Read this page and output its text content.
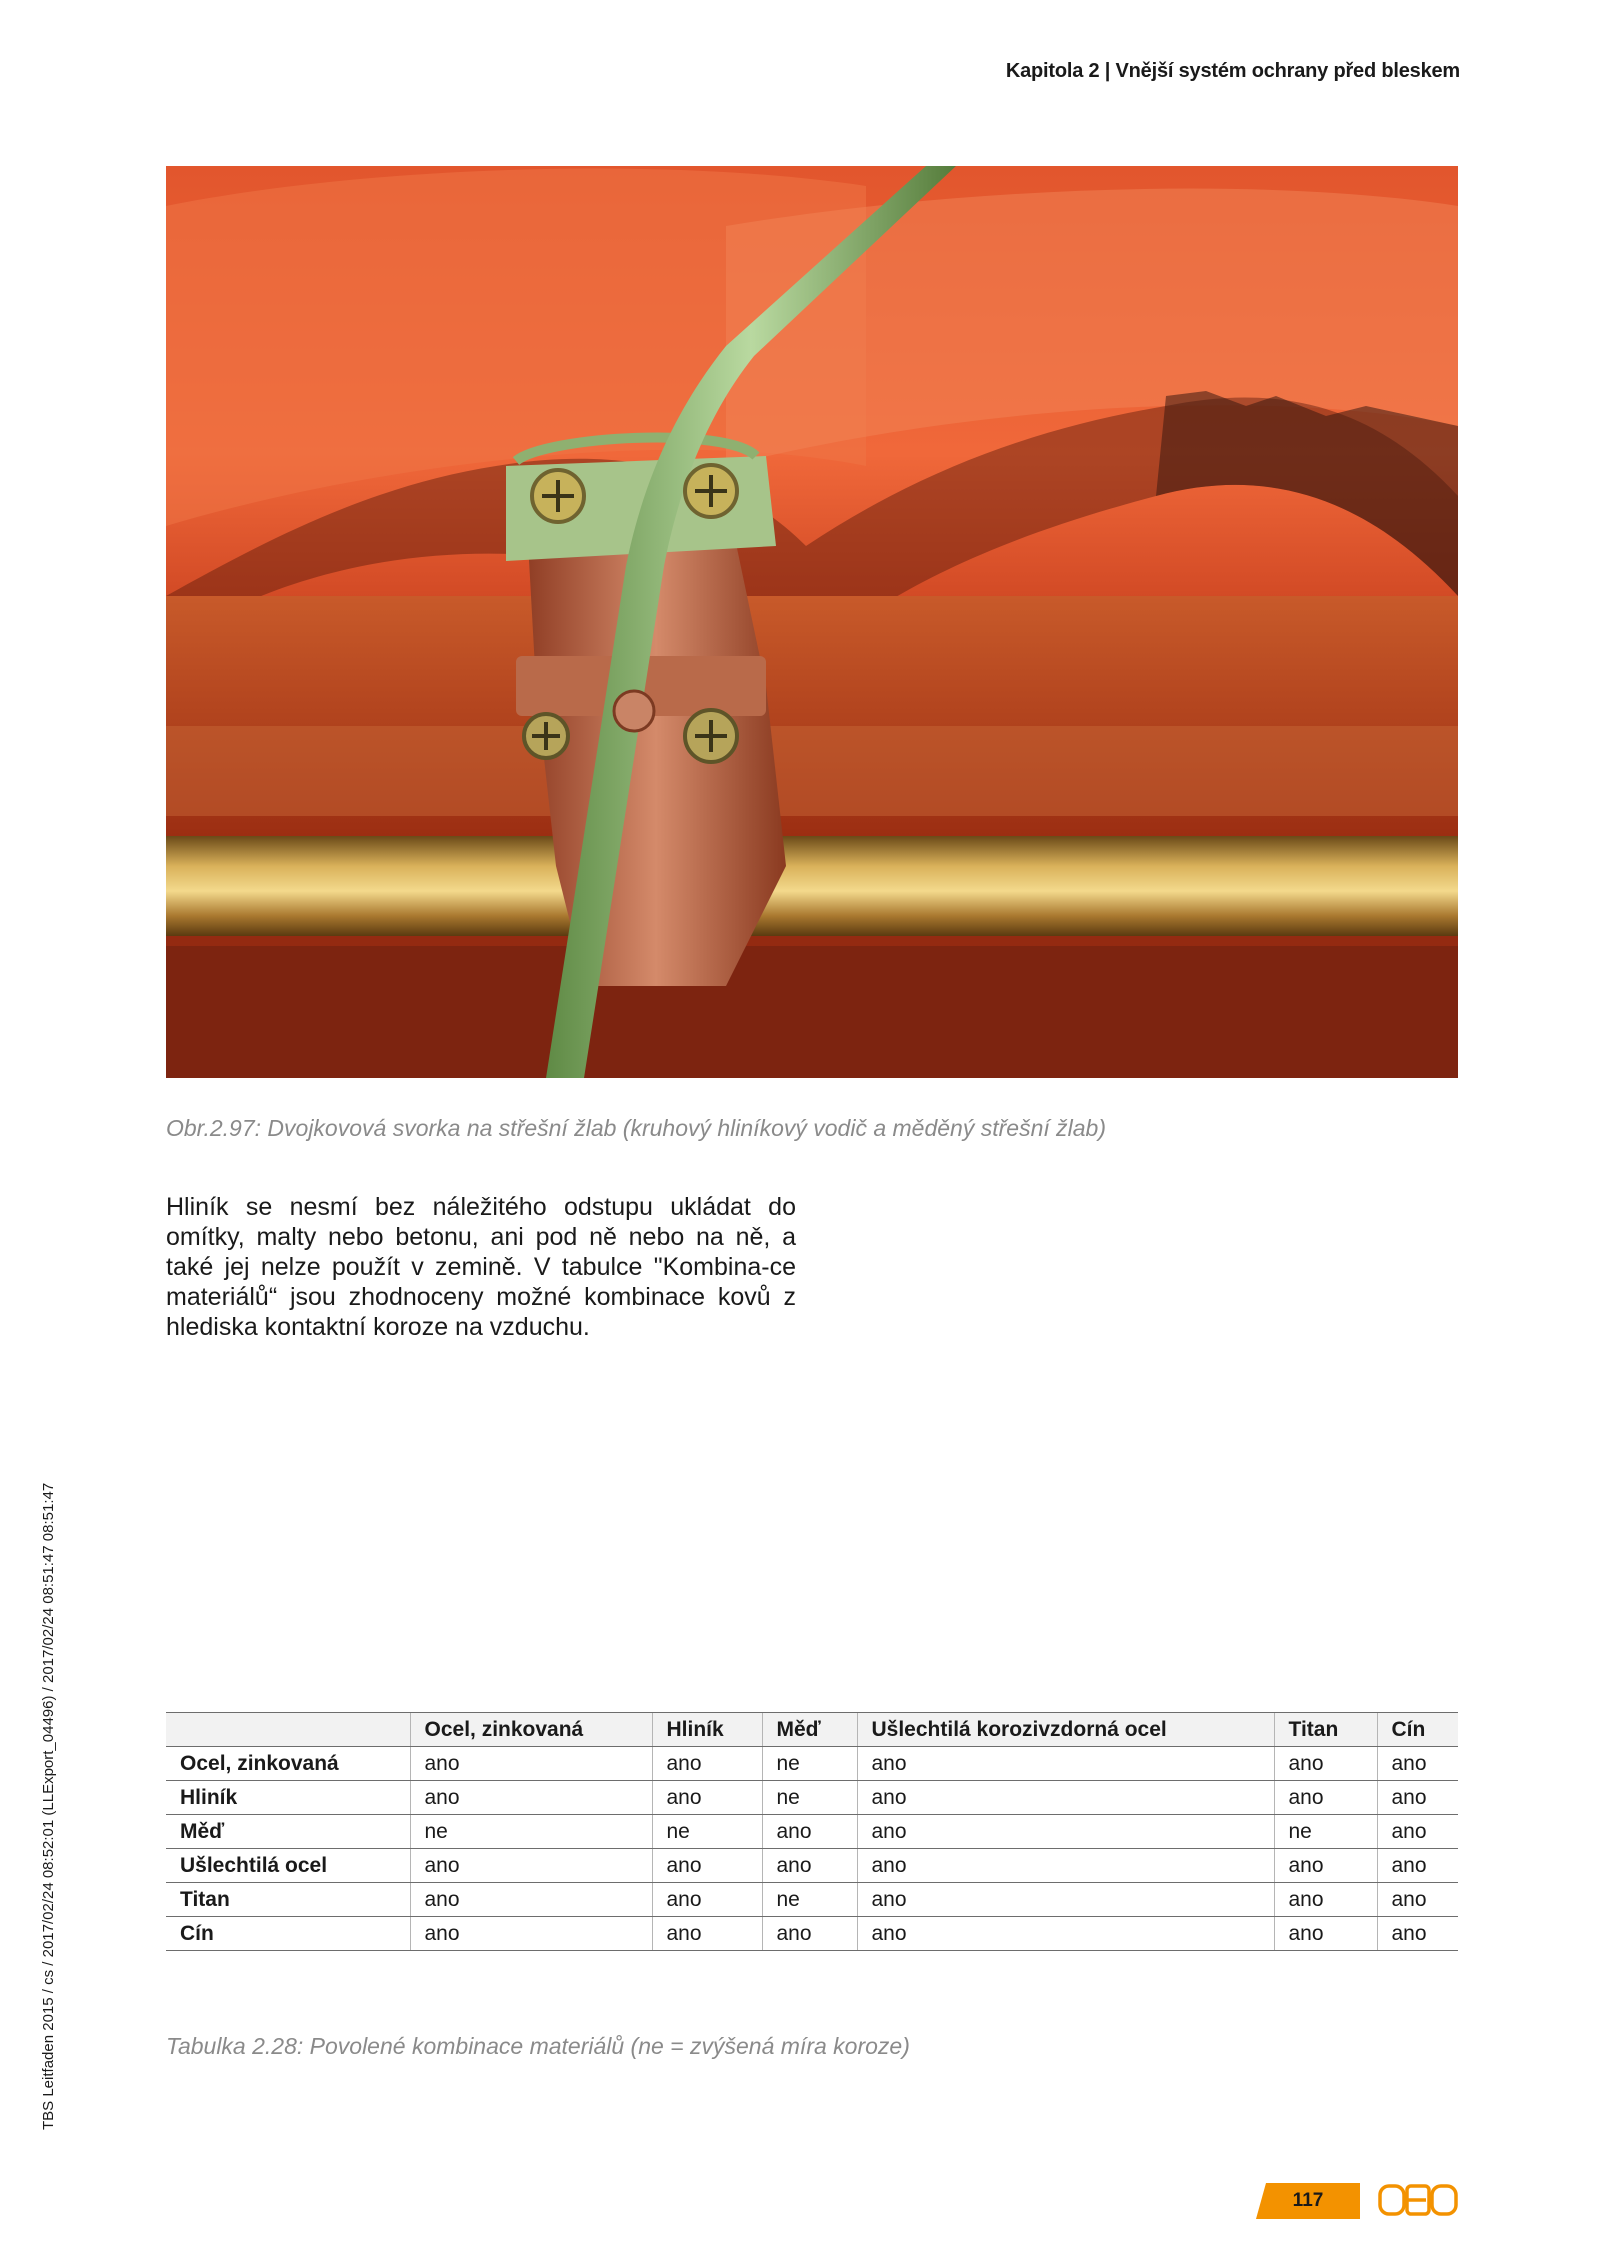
Kapitola 2 | Vnější systém ochrany před bleskem
Obr.2.97: Dvojkovová svorka na střešní žlab (kruhový hliníkový vodič a měděný střešní žlab)
Hliník se nesmí bez náležitého odstupu ukládat do omítky, malty nebo betonu, ani pod ně nebo na ně, a také jej nelze použít v zemině. V tabulce "Kombina-ce materiálů“ jsou zhodnoceny možné kombinace kovů z hlediska kontaktní koroze na vzduchu.
TBS Leitfaden 2015 / cs / 2017/02/24 08:52:01 (LLExport_04496) / 2017/02/24 08:51:47 08:51:47
		Ocel, zinkovaná	Hliník	Měď	Ušlechtilá korozivzdorná ocel	Titan	Cín
Ocel, zinkovaná	ano	ano	ne	ano	ano	ano
Hliník	ano	ano	ne	ano	ano	ano
Měď	ne	ne	ano	ano	ne	ano
Ušlechtilá ocel	ano	ano	ano	ano	ano	ano
Titan	ano	ano	ne	ano	ano	ano
Cín	ano	ano	ano	ano	ano	ano
Tabulka 2.28: Povolené kombinace materiálů (ne = zvýšená míra koroze)
117
